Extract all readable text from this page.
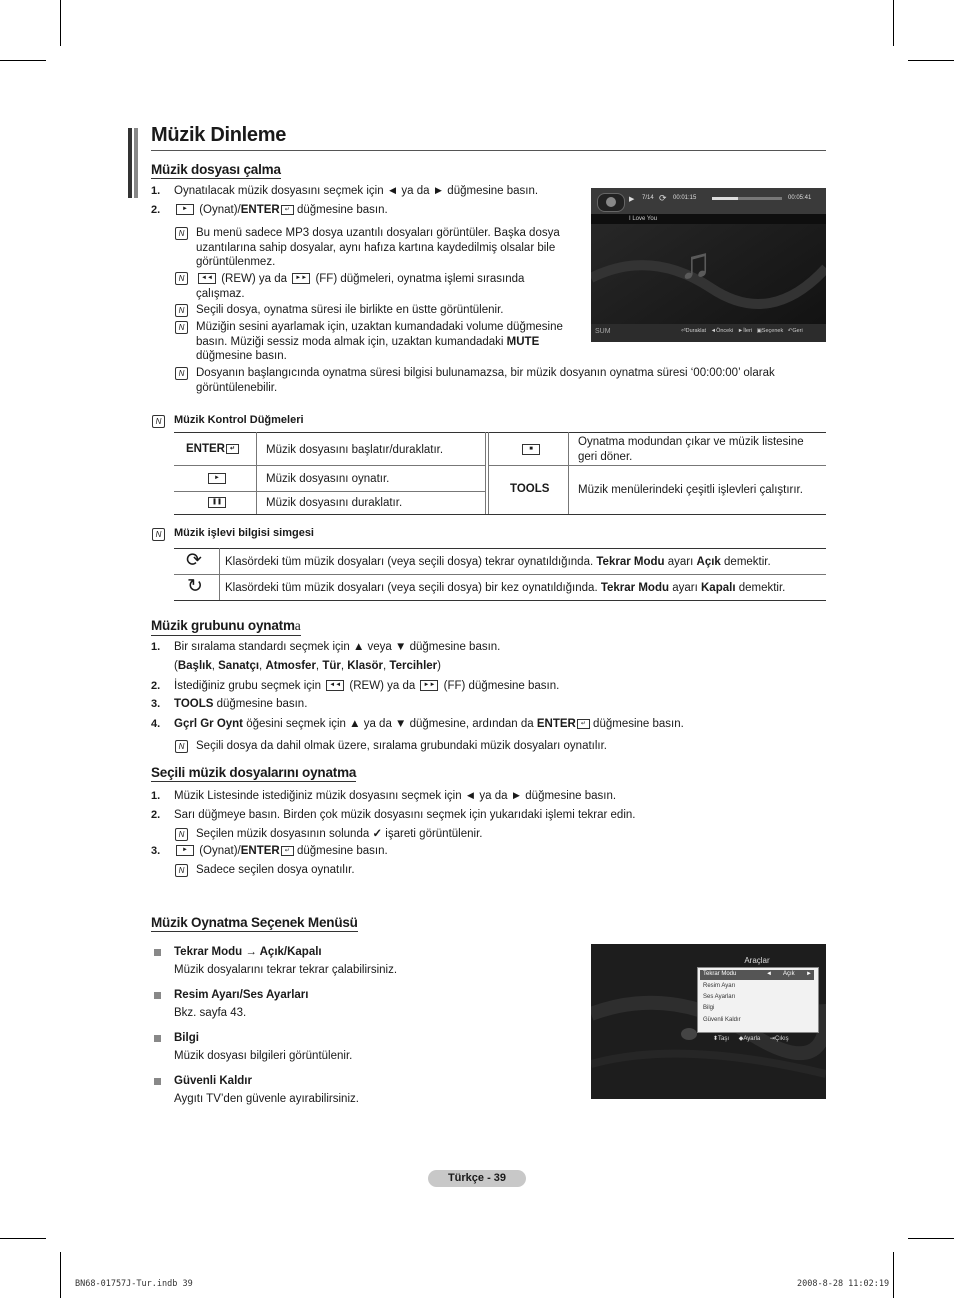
Müzik Dinleme
Müzik dosyası çalma
1. Oynatılacak müzik dosyasını seçmek için ◄ ya da ► düğmesine basın.
2.	► (Oynat)/ENTER ↵ düğmesine basın.
N	Bu menü sadece MP3 dosya uzantılı dosyaları görüntüler. Başka dosya uzantılarına sahip dosyalar, aynı hafıza kartına kaydedilmiş olsalar bile görüntülenmez.
N	◄◄ (REW) ya da ►► (FF) düğmeleri, oynatma işlemi sırasında çalışmaz.
N	Seçili dosya, oynatma süresi ile birlikte en üstte görüntülenir.
N	Müziğin sesini ayarlamak için, uzaktan kumandadaki volume düğmesine basın. Müziği sessiz moda almak için, uzaktan kumandadaki MUTE düğmesine basın.
N	Dosyanın başlangıcında oynatma süresi bilgisi bulunamazsa, bir müzik dosyanın oynatma süresi ‘00:00:00’ olarak görüntülenebilir.
▶ 7/14 ⟳ 00:01:15	00:05:41
I Love You
♫
SUM	⏎Duraklat ◄Önceki ►İleri ▣Seçenek ↶Geri
N	Müzik Kontrol Düğmeleri
ENTER ↵	Müzik dosyasını başlatır/duraklatır.
►	Müzik dosyasını oynatır.
❚❚	Müzik dosyasını duraklatır.
■
Oynatma modundan çıkar ve müzik listesine geri döner.
TOOLS Müzik menülerindeki çeşitli işlevleri çalıştırır.
N	Müzik işlevi bilgisi simgesi
⟳
↻
Klasördeki tüm müzik dosyaları (veya seçili dosya) tekrar oynatıldığında. Tekrar Modu ayarı Açık demektir.
Klasördeki tüm müzik dosyaları (veya seçili dosya) bir kez oynatıldığında. Tekrar Modu ayarı Kapalı demektir.
Müzik grubunu oynatma
1. Bir sıralama standardı seçmek için ▲ veya ▼ düğmesine basın.
(Başlık, Sanatçı, Atmosfer, Tür, Klasör, Tercihler)
2. İstediğiniz grubu seçmek için ◄◄ (REW) ya da ►► (FF) düğmesine basın.
3. TOOLS düğmesine basın.
4. Gçrl Gr Oynt öğesini seçmek için ▲ ya da ▼ düğmesine, ardından da ENTER ↵ düğmesine basın.
N	Seçili dosya da dahil olmak üzere, sıralama grubundaki müzik dosyaları oynatılır.
Seçili müzik dosyalarını oynatma
1. Müzik Listesinde istediğiniz müzik dosyasını seçmek için ◄ ya da ► düğmesine basın.
2. Sarı düğmeye basın. Birden çok müzik dosyasını seçmek için yukarıdaki işlemi tekrar edin.
N	Seçilen müzik dosyasının solunda ✓ işareti görüntülenir.
3.	► (Oynat)/ENTER ↵ düğmesine basın.
N	Sadece seçilen dosya oynatılır.
Müzik Oynatma Seçenek Menüsü
Tekrar Modu → Açık/Kapalı
Müzik dosyalarını tekrar tekrar çalabilirsiniz.
Resim Ayarı/Ses Ayarları
Bkz. sayfa 43.
Bilgi
Müzik dosyası bilgileri görüntülenir.
Güvenli Kaldır
Aygıtı TV’den güvenle ayırabilirsiniz.
Araçlar
Tekrar Modu	◄ Açık ►
Resim Ayarı
Ses Ayarları
Bilgi
Güvenli Kaldır
⬍Taşı ◆Ayarla ⇥Çıkış
Türkçe - 39
BN68-01757J-Tur.indb 39	2008-8-28 11:02:19
